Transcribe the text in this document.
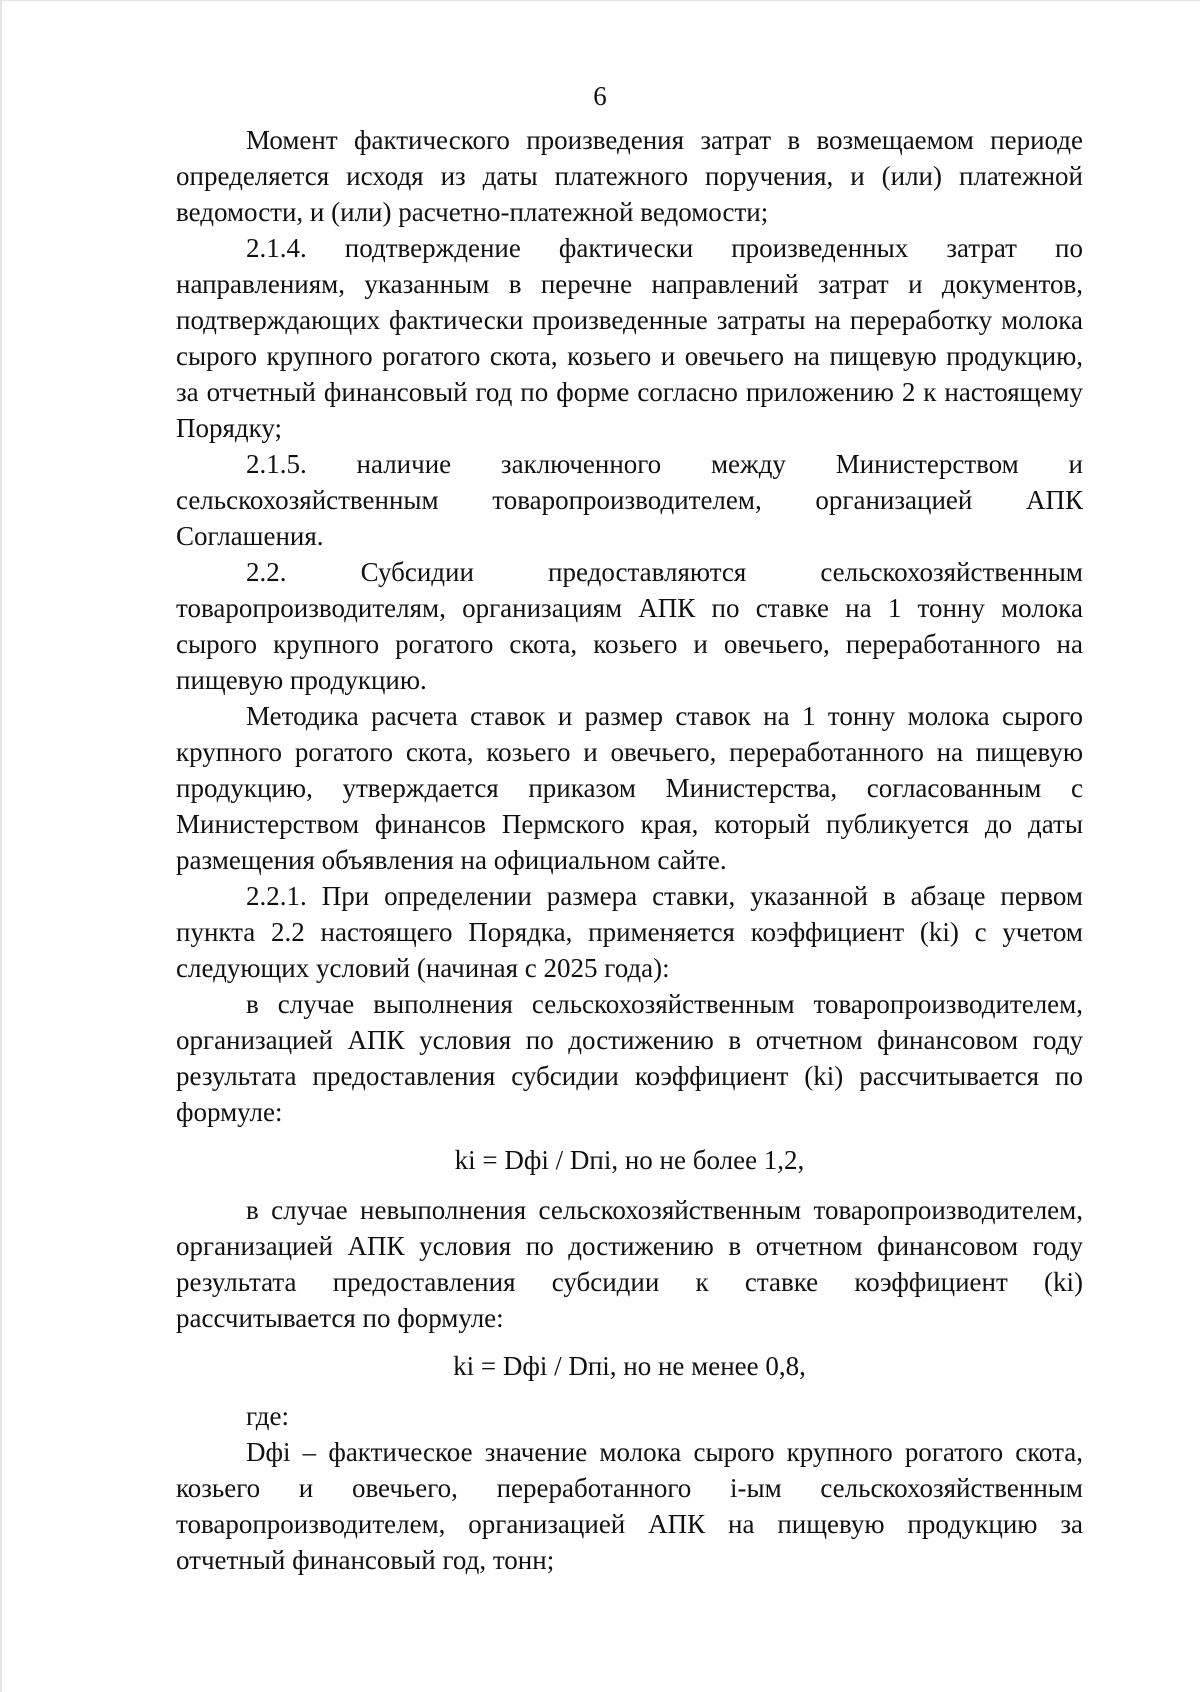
6

Момент фактического произведения затрат в возмещаемом периоде определяется исходя из даты платежного поручения, и (или) платежной ведомости, и (или) расчетно-платежной ведомости;

2.1.4. подтверждение фактически произведенных затрат по направлениям, указанным в перечне направлений затрат и документов, подтверждающих фактически произведенные затраты на переработку молока сырого крупного рогатого скота, козьего и овечьего на пищевую продукцию, за отчетный финансовый год по форме согласно приложению 2 к настоящему Порядку;

2.1.5. наличие заключенного между Министерством и сельскохозяйственным товаропроизводителем, организацией АПК Соглашения.

2.2. Субсидии предоставляются сельскохозяйственным товаропроизводителям, организациям АПК по ставке на 1 тонну молока сырого крупного рогатого скота, козьего и овечьего, переработанного на пищевую продукцию.

Методика расчета ставок и размер ставок на 1 тонну молока сырого крупного рогатого скота, козьего и овечьего, переработанного на пищевую продукцию, утверждается приказом Министерства, согласованным с Министерством финансов Пермского края, который публикуется до даты размещения объявления на официальном сайте.

2.2.1. При определении размера ставки, указанной в абзаце первом пункта 2.2 настоящего Порядка, применяется коэффициент (ki) с учетом следующих условий (начиная с 2025 года):

в случае выполнения сельскохозяйственным товаропроизводителем, организацией АПК условия по достижению в отчетном финансовом году результата предоставления субсидии коэффициент (ki) рассчитывается по формуле:

ki = Dфi / Dпi, но не более 1,2,

в случае невыполнения сельскохозяйственным товаропроизводителем, организацией АПК условия по достижению в отчетном финансовом году результата предоставления субсидии к ставке коэффициент (ki) рассчитывается по формуле:

ki = Dфi / Dпi, но не менее 0,8,

где:

Dфi – фактическое значение молока сырого крупного рогатого скота, козьего и овечьего, переработанного i-ым сельскохозяйственным товаропроизводителем, организацией АПК на пищевую продукцию за отчетный финансовый год, тонн;
